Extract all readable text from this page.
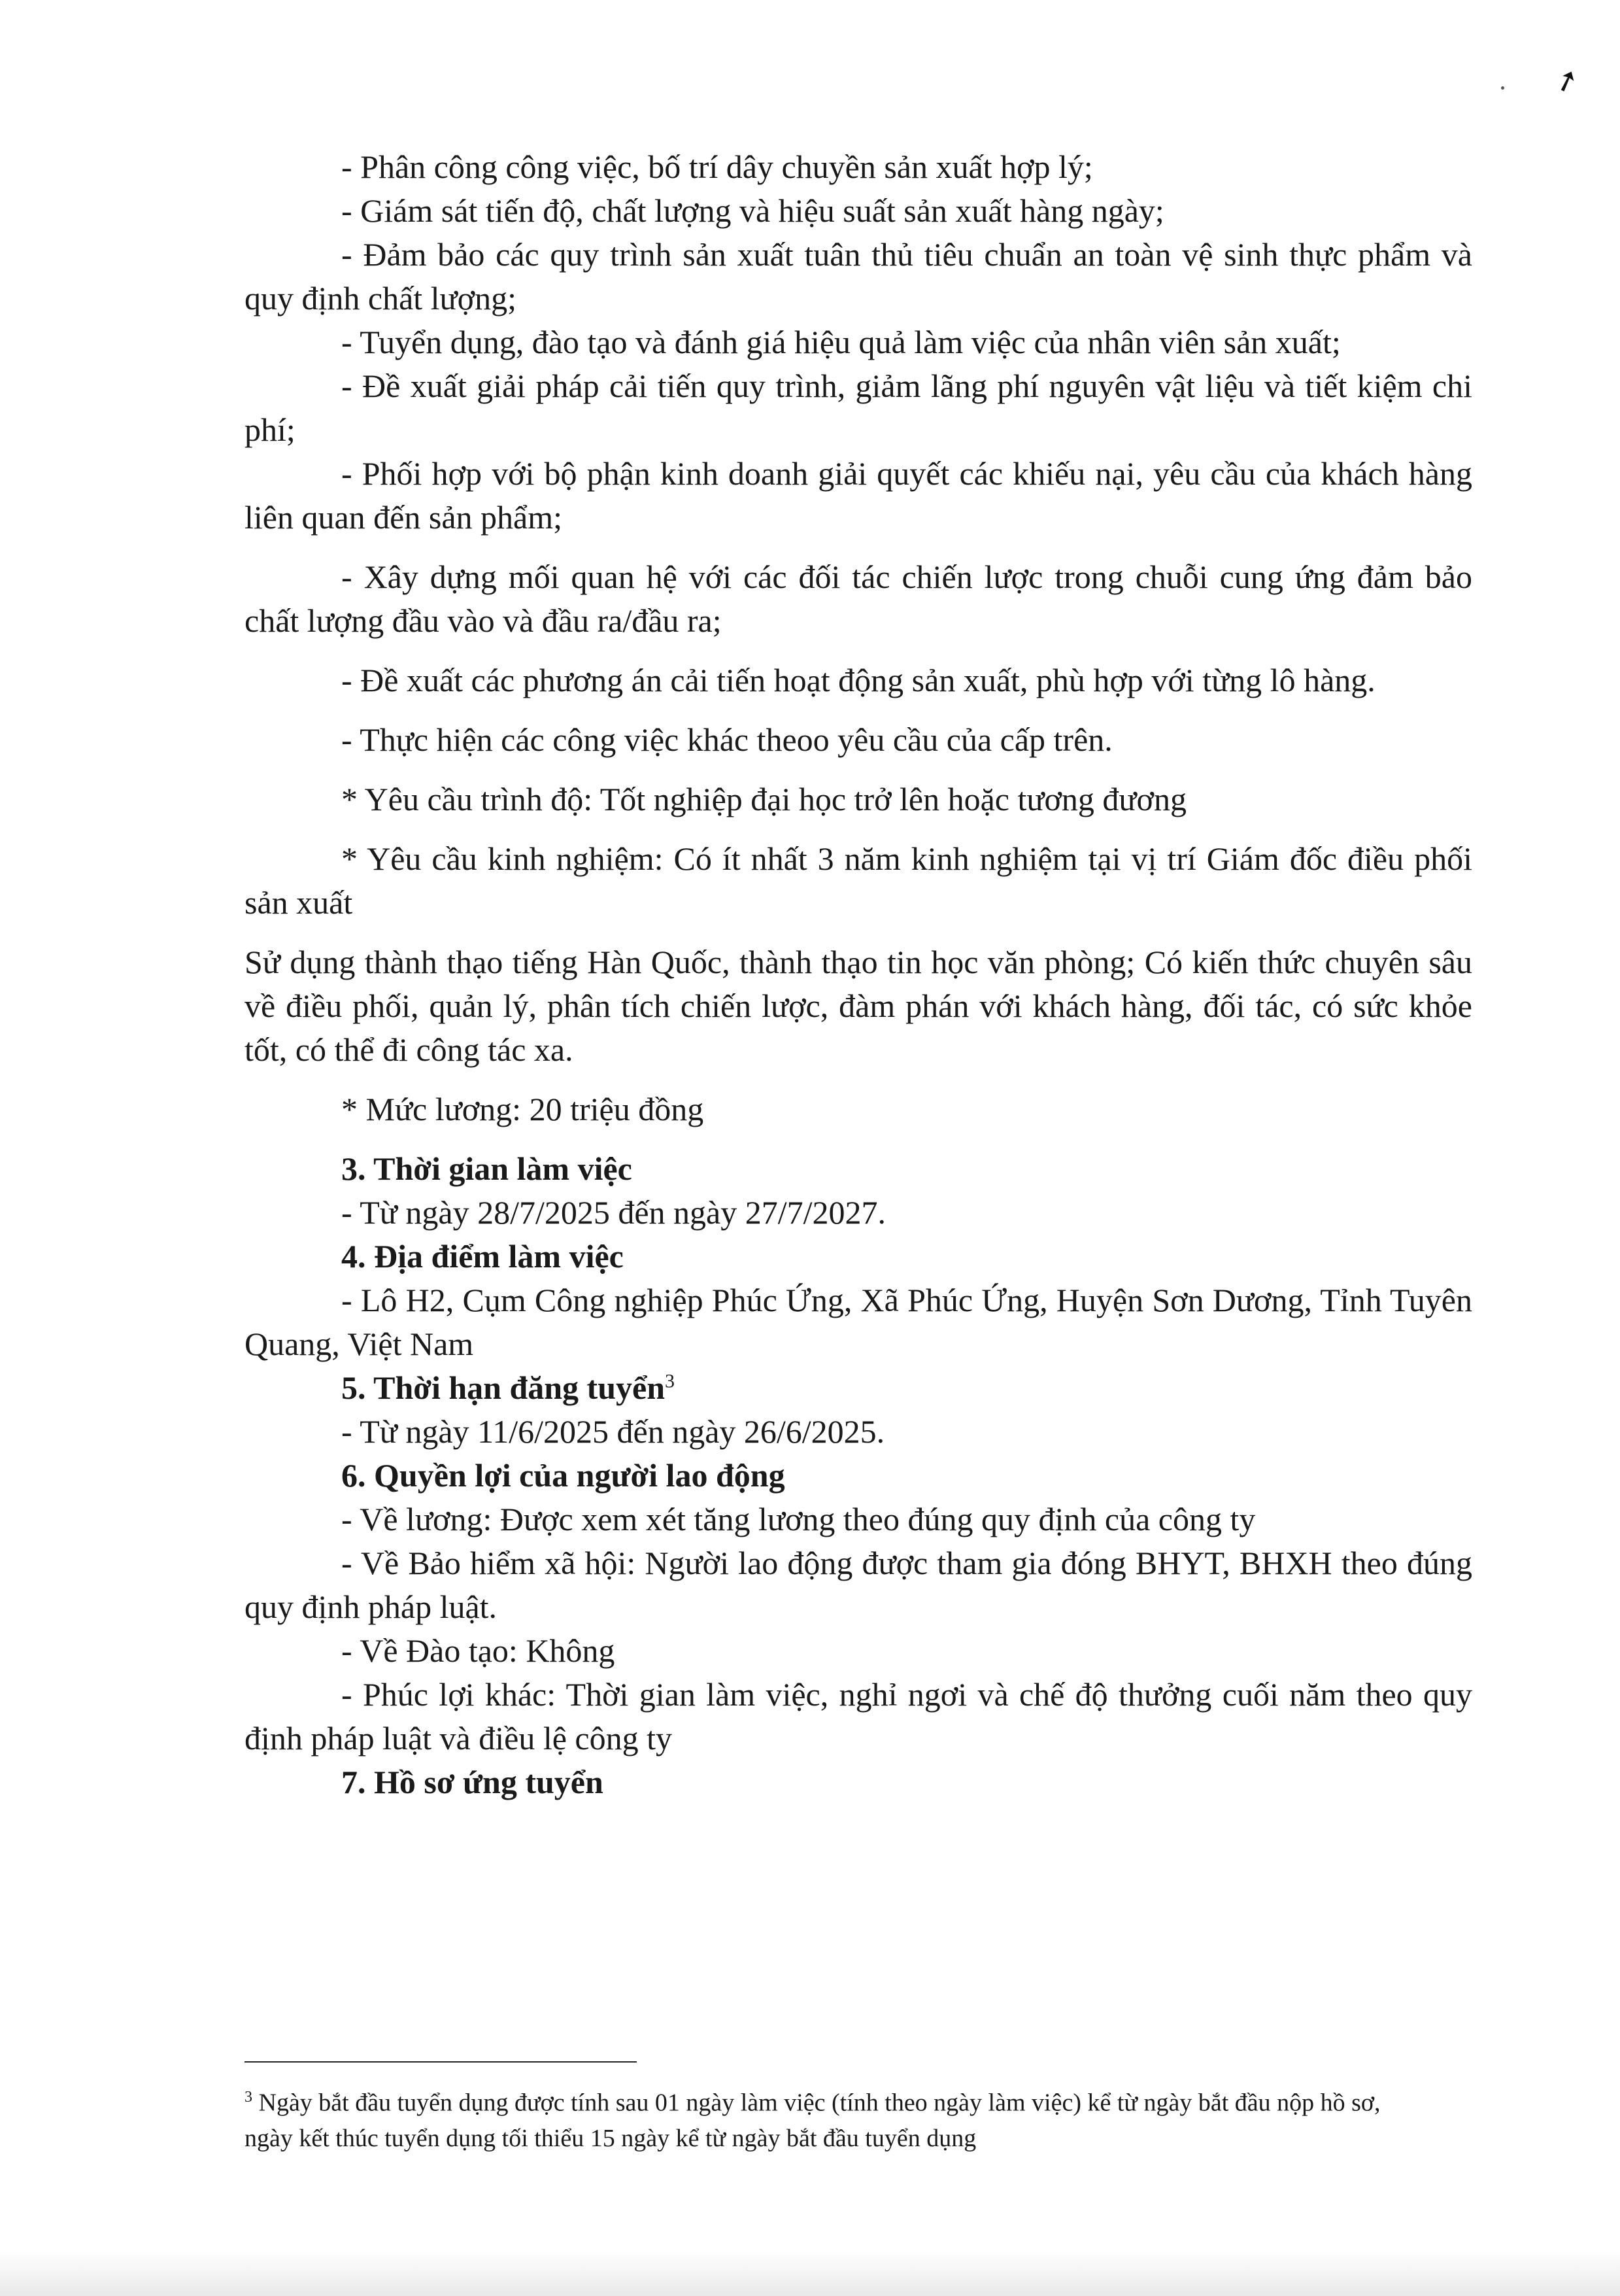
➚

- Phân công công việc, bố trí dây chuyền sản xuất hợp lý;

- Giám sát tiến độ, chất lượng và hiệu suất sản xuất hàng ngày;

- Đảm bảo các quy trình sản xuất tuân thủ tiêu chuẩn an toàn vệ sinh thực phẩm và quy định chất lượng;

- Tuyển dụng, đào tạo và đánh giá hiệu quả làm việc của nhân viên sản xuất;

- Đề xuất giải pháp cải tiến quy trình, giảm lãng phí nguyên vật liệu và tiết kiệm chi phí;

- Phối hợp với bộ phận kinh doanh giải quyết các khiếu nại, yêu cầu của khách hàng liên quan đến sản phẩm;

- Xây dựng mối quan hệ với các đối tác chiến lược trong chuỗi cung ứng đảm bảo chất lượng đầu vào và đầu ra/đầu ra;

- Đề xuất các phương án cải tiến hoạt động sản xuất, phù hợp với từng lô hàng.

- Thực hiện các công việc khác theoo yêu cầu của cấp trên.

* Yêu cầu trình độ: Tốt nghiệp đại học trở lên hoặc tương đương

* Yêu cầu kinh nghiệm: Có ít nhất 3 năm kinh nghiệm tại vị trí Giám đốc điều phối sản xuất

Sử dụng thành thạo tiếng Hàn Quốc, thành thạo tin học văn phòng; Có kiến thức chuyên sâu về điều phối, quản lý, phân tích chiến lược, đàm phán với khách hàng, đối tác, có sức khỏe tốt, có thể đi công tác xa.

* Mức lương: 20 triệu đồng

3. Thời gian làm việc

- Từ ngày 28/7/2025 đến ngày 27/7/2027.

4. Địa điểm làm việc

- Lô H2, Cụm Công nghiệp Phúc Ứng, Xã Phúc Ứng, Huyện Sơn Dương, Tỉnh Tuyên Quang, Việt Nam

5. Thời hạn đăng tuyển$^3$

- Từ ngày 11/6/2025 đến ngày 26/6/2025.

6. Quyền lợi của người lao động

- Về lương: Được xem xét tăng lương theo đúng quy định của công ty

- Về Bảo hiểm xã hội: Người lao động được tham gia đóng BHYT, BHXH theo đúng quy định pháp luật.

- Về Đào tạo: Không

- Phúc lợi khác: Thời gian làm việc, nghỉ ngơi và chế độ thưởng cuối năm theo quy định pháp luật và điều lệ công ty

7. Hồ sơ ứng tuyển

$^3$ Ngày bắt đầu tuyển dụng được tính sau 01 ngày làm việc (tính theo ngày làm việc) kể từ ngày bắt đầu nộp hồ sơ, ngày kết thúc tuyển dụng tối thiểu 15 ngày kể từ ngày bắt đầu tuyển dụng
